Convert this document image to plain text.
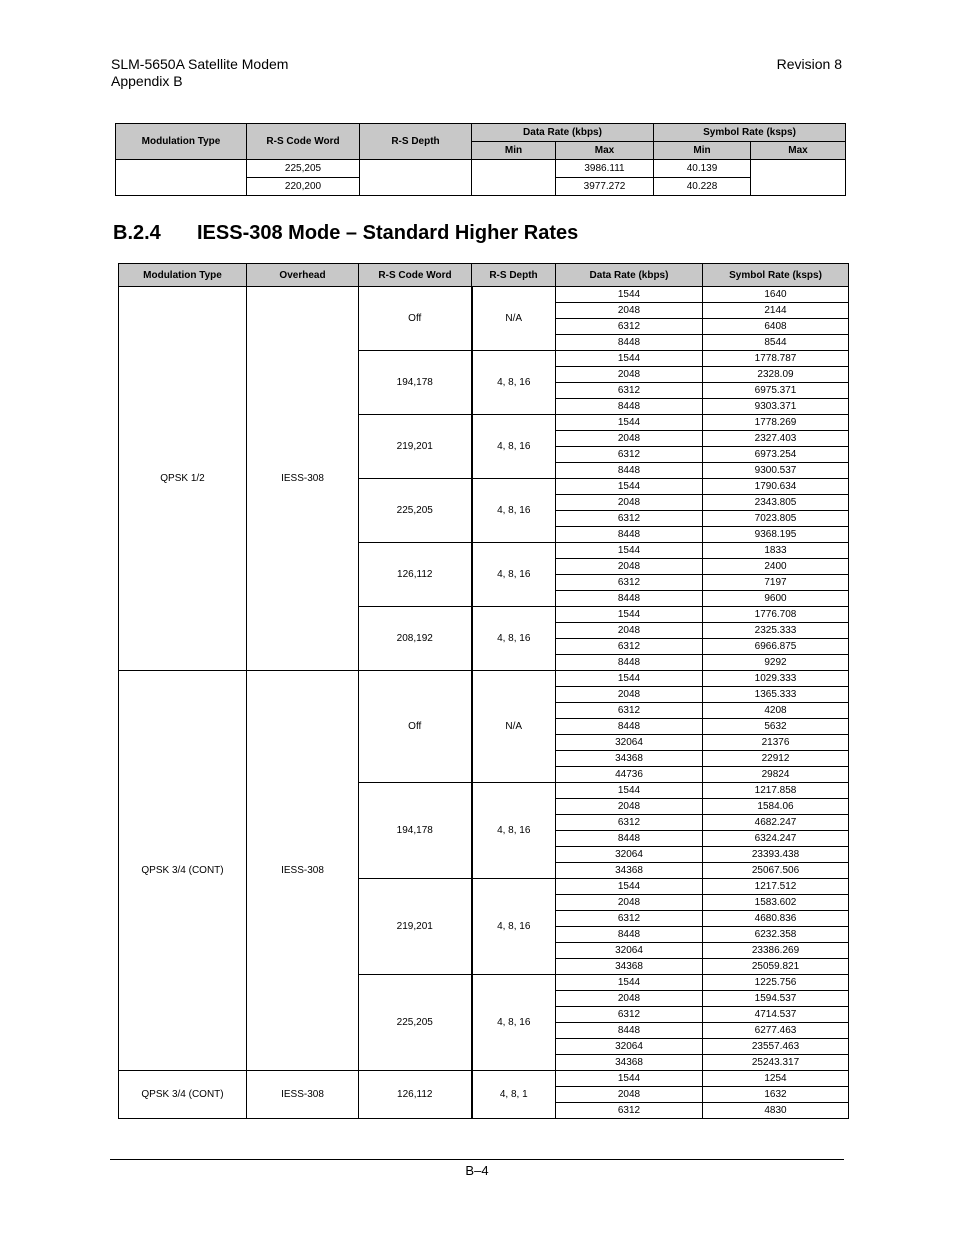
SLM-5650A Satellite Modem
Appendix B
Revision 8
Modulation Type	R-S Code Word	R-S Depth	Data Rate (kbps)		Symbol Rate (ksps)	
			Min	Max	Min	Max
	225,205			3986.111	40.139	
	220,200			3977.272	40.228	
B.2.4 IESS-308 Mode – Standard Higher Rates
Modulation Type	Overhead	R-S Code Word	R-S Depth	Data Rate (kbps)	Symbol Rate (ksps)
QPSK 1/2	IESS-308	Off	N/A	1544	1640
				2048	2144
				6312	6408
				8448	8544
		194,178	4, 8, 16	1544	1778.787
				2048	2328.09
				6312	6975.371
				8448	9303.371
		219,201	4, 8, 16	1544	1778.269
				2048	2327.403
				6312	6973.254
				8448	9300.537
		225,205	4, 8, 16	1544	1790.634
				2048	2343.805
				6312	7023.805
				8448	9368.195
		126,112	4, 8, 16	1544	1833
				2048	2400
				6312	7197
				8448	9600
		208,192	4, 8, 16	1544	1776.708
				2048	2325.333
				6312	6966.875
				8448	9292
QPSK 3/4 (CONT)	IESS-308	Off	N/A	1544	1029.333
				2048	1365.333
				6312	4208
				8448	5632
				32064	21376
				34368	22912
				44736	29824
		194,178	4, 8, 16	1544	1217.858
				2048	1584.06
				6312	4682.247
				8448	6324.247
				32064	23393.438
				34368	25067.506
		219,201	4, 8, 16	1544	1217.512
				2048	1583.602
				6312	4680.836
				8448	6232.358
				32064	23386.269
				34368	25059.821
		225,205	4, 8, 16	1544	1225.756
				2048	1594.537
				6312	4714.537
				8448	6277.463
				32064	23557.463
				34368	25243.317
QPSK 3/4 (CONT)	IESS-308	126,112	4, 8, 1	1544	1254
				2048	1632
				6312	4830
B–4
